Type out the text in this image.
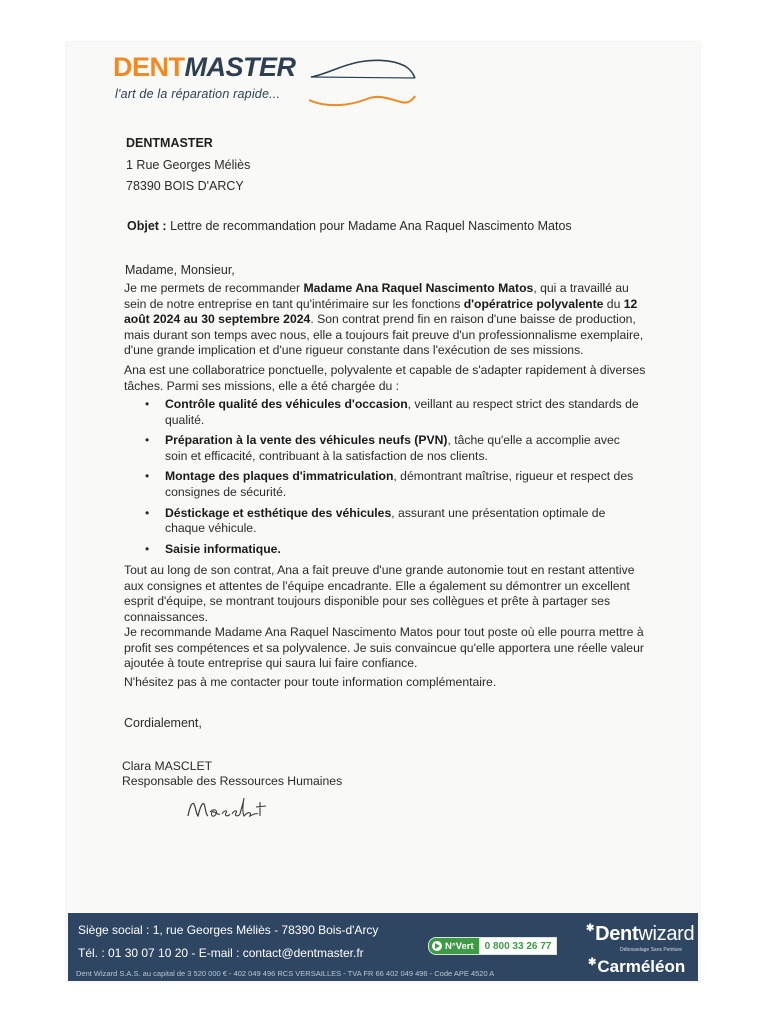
DENTMASTER
l'art de la réparation rapide...
DENTMASTER
1 Rue Georges Méliès
78390 BOIS D'ARCY
Objet : Lettre de recommandation pour Madame Ana Raquel Nascimento Matos
Madame, Monsieur,
Je me permets de recommander Madame Ana Raquel Nascimento Matos, qui a travaillé au sein de notre entreprise en tant qu'intérimaire sur les fonctions d'opératrice polyvalente du 12 août 2024 au 30 septembre 2024. Son contrat prend fin en raison d'une baisse de production, mais durant son temps avec nous, elle a toujours fait preuve d'un professionnalisme exemplaire, d'une grande implication et d'une rigueur constante dans l'exécution de ses missions.
Ana est une collaboratrice ponctuelle, polyvalente et capable de s'adapter rapidement à diverses tâches. Parmi ses missions, elle a été chargée du :
• Contrôle qualité des véhicules d'occasion, veillant au respect strict des standards de qualité.
• Préparation à la vente des véhicules neufs (PVN), tâche qu'elle a accomplie avec soin et efficacité, contribuant à la satisfaction de nos clients.
• Montage des plaques d'immatriculation, démontrant maîtrise, rigueur et respect des consignes de sécurité.
• Déstickage et esthétique des véhicules, assurant une présentation optimale de chaque véhicule.
• Saisie informatique.
Tout au long de son contrat, Ana a fait preuve d'une grande autonomie tout en restant attentive aux consignes et attentes de l'équipe encadrante. Elle a également su démontrer un excellent esprit d'équipe, se montrant toujours disponible pour ses collègues et prête à partager ses connaissances.
Je recommande Madame Ana Raquel Nascimento Matos pour tout poste où elle pourra mettre à profit ses compétences et sa polyvalence. Je suis convaincue qu'elle apportera une réelle valeur ajoutée à toute entreprise qui saura lui faire confiance.
N'hésitez pas à me contacter pour toute information complémentaire.
Cordialement,
Clara MASCLET
Responsable des Ressources Humaines
Siège social : 1, rue Georges Méliès - 78390 Bois-d'Arcy
Tél. : 01 30 07 10 20 - E-mail : contact@dentmaster.fr
Dent Wizard S.A.S. au capital de 3 520 000 € - 402 049 496 RCS VERSAILLES - TVA FR 66 402 049 496 - Code APE 4520 A
N°Vert	0 800 33 26 77
✱Dentwizard
Débosselage Sans Peinture
✱Carméléon
